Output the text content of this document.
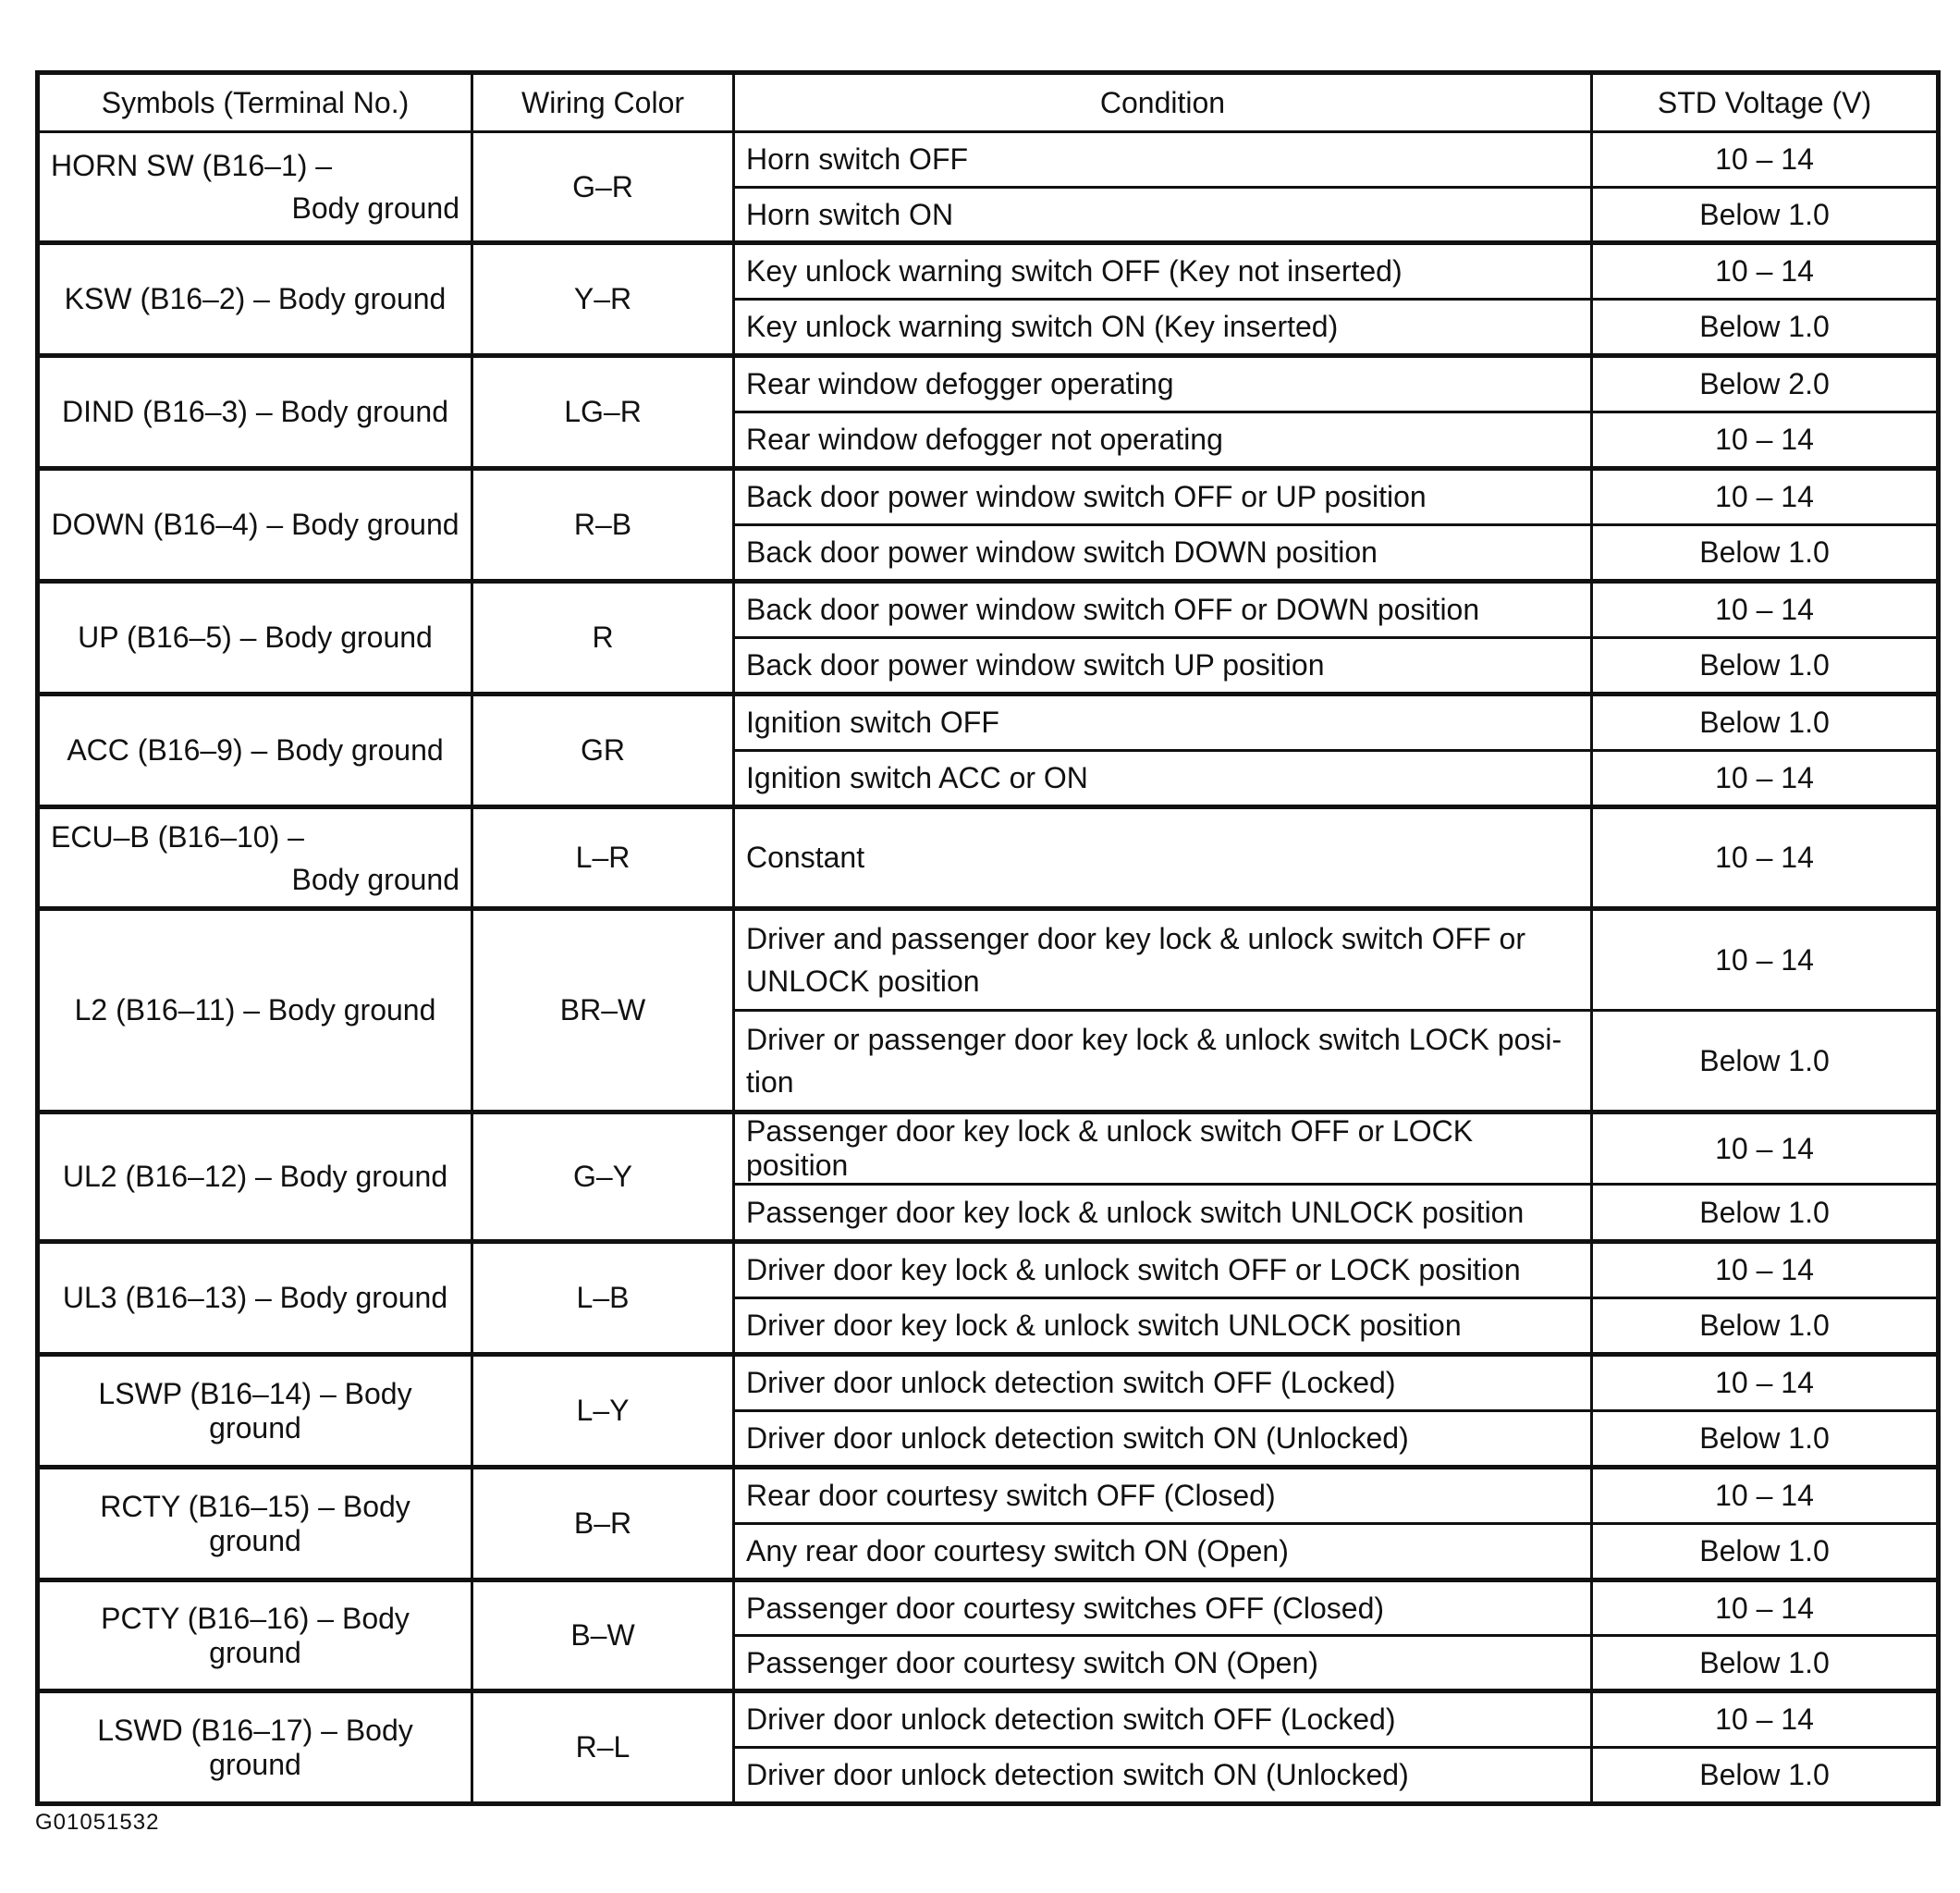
Symbols (Terminal No.)	Wiring Color	Condition	STD Voltage (V)

HORN SW (B16–1) –
Body ground	G–R	Horn switch OFF	10 – 14
		Horn switch ON	Below 1.0
KSW (B16–2) – Body ground	Y–R	Key unlock warning switch OFF (Key not inserted)	10 – 14
		Key unlock warning switch ON (Key inserted)	Below 1.0
DIND (B16–3) – Body ground	LG–R	Rear window defogger operating	Below 2.0
		Rear window defogger not operating	10 – 14
DOWN (B16–4) – Body ground	R–B	Back door power window switch OFF or UP position	10 – 14
		Back door power window switch DOWN position	Below 1.0
UP (B16–5) – Body ground	R	Back door power window switch OFF or DOWN position	10 – 14
		Back door power window switch UP position	Below 1.0
ACC (B16–9) – Body ground	GR	Ignition switch OFF	Below 1.0
		Ignition switch ACC or ON	10 – 14

ECU–B (B16–10) –
Body ground	L–R	Constant	10 – 14
L2 (B16–11) – Body ground	BR–W	Driver and passenger door key lock & unlock switch OFF or UNLOCK position	10 – 14
		Driver or passenger door key lock & unlock switch LOCK posi- tion	Below 1.0
UL2 (B16–12) – Body ground	G–Y	Passenger door key lock & unlock switch OFF or LOCK position	10 – 14
		Passenger door key lock & unlock switch UNLOCK position	Below 1.0
UL3 (B16–13) – Body ground	L–B	Driver door key lock & unlock switch OFF or LOCK position	10 – 14
		Driver door key lock & unlock switch UNLOCK position	Below 1.0
LSWP (B16–14) – Body ground	L–Y	Driver door unlock detection switch OFF (Locked)	10 – 14
		Driver door unlock detection switch ON (Unlocked)	Below 1.0
RCTY (B16–15) – Body ground	B–R	Rear door courtesy switch OFF (Closed)	10 – 14
		Any rear door courtesy switch ON (Open)	Below 1.0
PCTY (B16–16) – Body ground	B–W	Passenger door courtesy switches OFF (Closed)	10 – 14
		Passenger door courtesy switch ON (Open)	Below 1.0
LSWD (B16–17) – Body ground	R–L	Driver door unlock detection switch OFF (Locked)	10 – 14
		Driver door unlock detection switch ON (Unlocked)	Below 1.0
G01051532
